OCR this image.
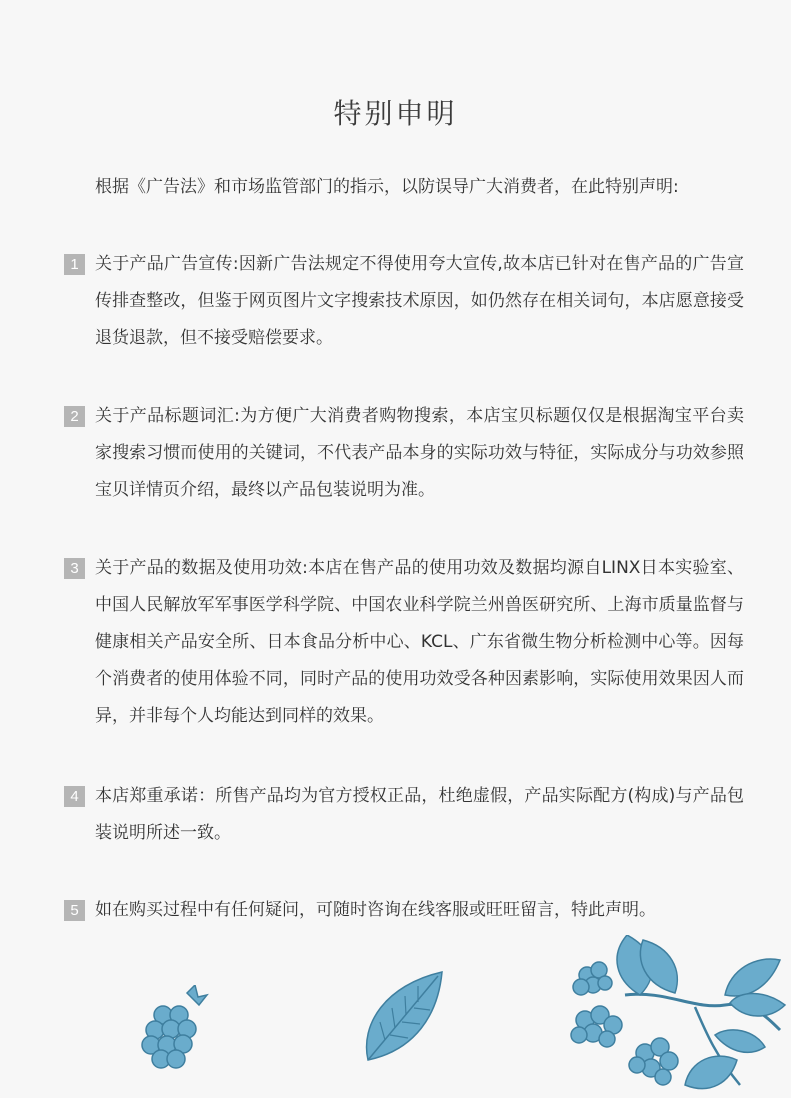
特别申明
根据《广告法》和市场监管部门的指示，以防误导广大消费者，在此特别声明:
1 关于产品广告宣传:因新广告法规定不得使用夸大宣传,故本店已针对在售产品的广告宣传排查整改，但鉴于网页图片文字搜索技术原因，如仍然存在相关词句，本店愿意接受退货退款，但不接受赔偿要求。
2 关于产品标题词汇:为方便广大消费者购物搜索，本店宝贝标题仅仅是根据淘宝平台卖家搜索习惯而使用的关键词，不代表产品本身的实际功效与特征，实际成分与功效参照宝贝详情页介绍，最终以产品包装说明为准。
3 关于产品的数据及使用功效:本店在售产品的使用功效及数据均源自LINX日本实验室、中国人民解放军军事医学科学院、中国农业科学院兰州兽医研究所、上海市质量监督与健康相关产品安全所、日本食品分析中心、KCL、广东省微生物分析检测中心等。因每个消费者的使用体验不同，同时产品的使用功效受各种因素影响，实际使用效果因人而异，并非每个人均能达到同样的效果。
4 本店郑重承诺：所售产品均为官方授权正品，杜绝虚假，产品实际配方(构成)与产品包装说明所述一致。
5 如在购买过程中有任何疑问，可随时咨询在线客服或旺旺留言，特此声明。
